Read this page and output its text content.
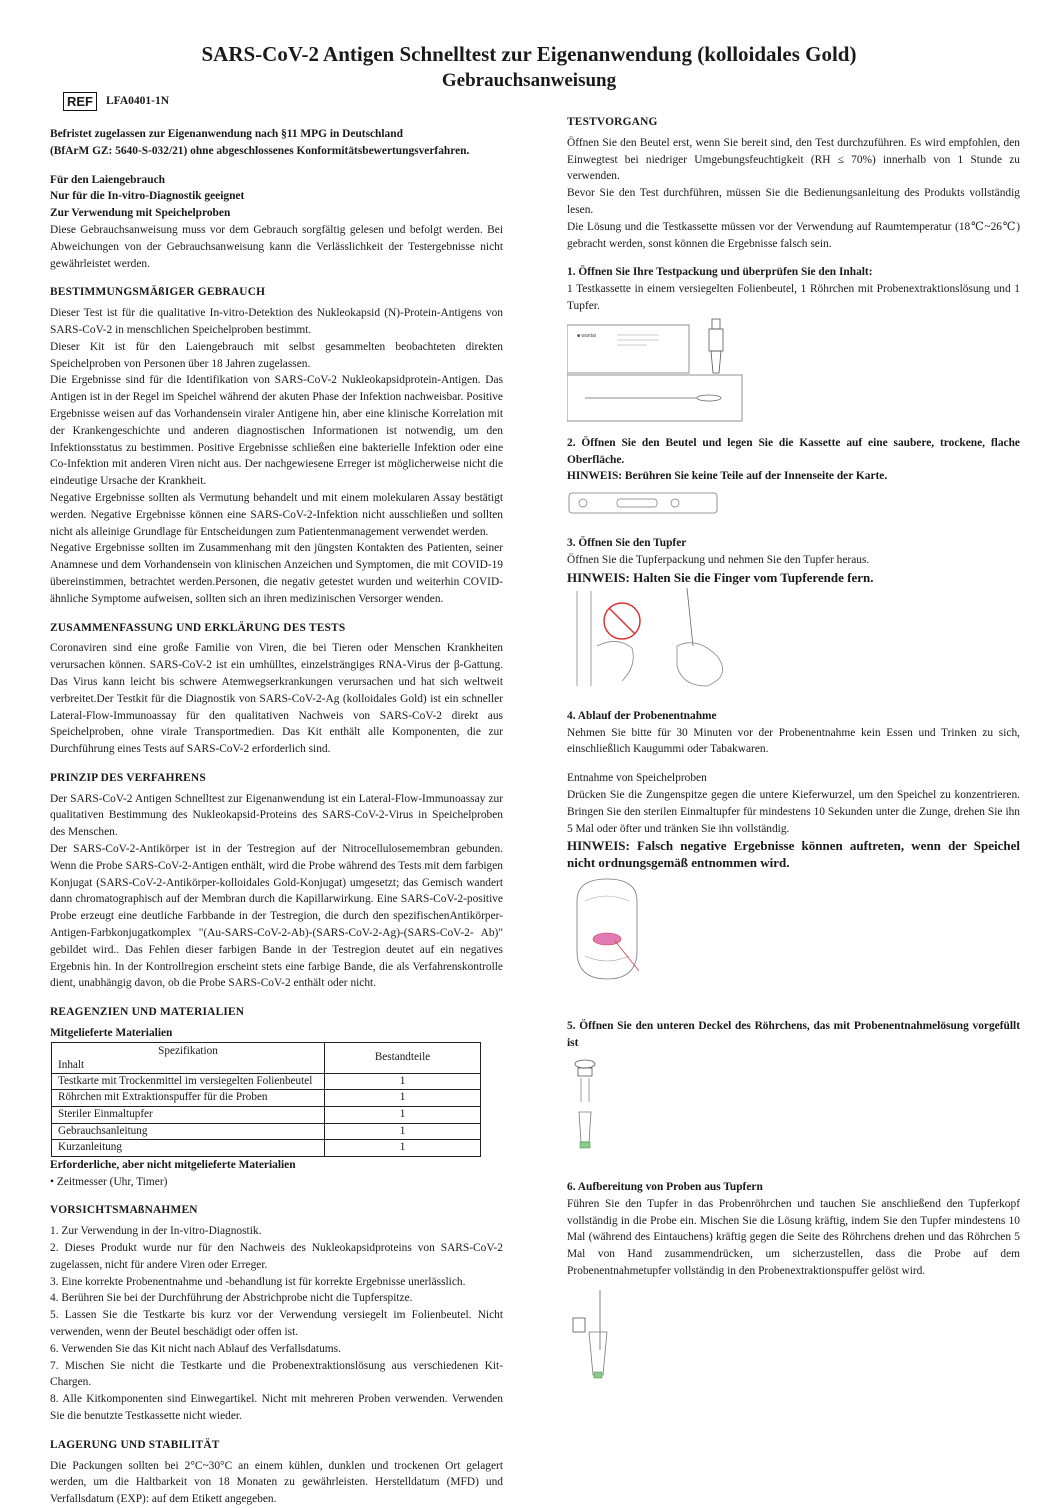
SARS-CoV-2 Antigen Schnelltest zur Eigenanwendung (kolloidales Gold)
Gebrauchsanweisung
REF	LFA0401-1N

Befristet zugelassen zur Eigenanwendung nach §11 MPG in Deutschland

(BfArM GZ: 5640-S-032/21) ohne abgeschlossenes Konformitätsbewertungsverfahren.

Für den Laiengebrauch

Nur für die In-vitro-Diagnostik geeignet

Zur Verwendung mit Speichelproben

Diese Gebrauchsanweisung muss vor dem Gebrauch sorgfältig gelesen und befolgt werden. Bei Abweichungen von der Gebrauchsanweisung kann die Verlässlichkeit der Testergebnisse nicht gewährleistet werden.

BESTIMMUNGSMÄßIGER GEBRAUCH

Dieser Test ist für die qualitative In-vitro-Detektion des Nukleokapsid (N)-Protein-Antigens von SARS-CoV-2 in menschlichen Speichelproben bestimmt.

Dieser Kit ist für den Laiengebrauch mit selbst gesammelten beobachteten direkten Speichelproben von Personen über 18 Jahren zugelassen.

Die Ergebnisse sind für die Identifikation von SARS-CoV-2 Nukleokapsidprotein-Antigen. Das Antigen ist in der Regel im Speichel während der akuten Phase der Infektion nachweisbar. Positive Ergebnisse weisen auf das Vorhandensein viraler Antigene hin, aber eine klinische Korrelation mit der Krankengeschichte und anderen diagnostischen Informationen ist notwendig, um den Infektionsstatus zu bestimmen. Positive Ergebnisse schließen eine bakterielle Infektion oder eine Co-Infektion mit anderen Viren nicht aus. Der nachgewiesene Erreger ist möglicherweise nicht die eindeutige Ursache der Krankheit.

Negative Ergebnisse sollten als Vermutung behandelt und mit einem molekularen Assay bestätigt werden. Negative Ergebnisse können eine SARS-CoV-2-Infektion nicht ausschließen und sollten nicht als alleinige Grundlage für Entscheidungen zum Patientenmanagement verwendet werden.

Negative Ergebnisse sollten im Zusammenhang mit den jüngsten Kontakten des Patienten, seiner Anamnese und dem Vorhandensein von klinischen Anzeichen und Symptomen, die mit COVID-19 übereinstimmen, betrachtet werden.Personen, die negativ getestet wurden und weiterhin COVID-ähnliche Symptome aufweisen, sollten sich an ihren medizinischen Versorger wenden.

ZUSAMMENFASSUNG UND ERKLÄRUNG DES TESTS

Coronaviren sind eine große Familie von Viren, die bei Tieren oder Menschen Krankheiten verursachen können. SARS-CoV-2 ist ein umhülltes, einzelsträngiges RNA-Virus der β-Gattung. Das Virus kann leicht bis schwere Atemwegserkrankungen verursachen und hat sich weltweit verbreitet.Der Testkit für die Diagnostik von SARS-CoV-2-Ag (kolloidales Gold) ist ein schneller Lateral-Flow-Immunoassay für den qualitativen Nachweis von SARS-CoV-2 direkt aus Speichelproben, ohne virale Transportmedien. Das Kit enthält alle Komponenten, die zur Durchführung eines Tests auf SARS-CoV-2 erforderlich sind.

PRINZIP DES VERFAHRENS

Der SARS-CoV-2 Antigen Schnelltest zur Eigenanwendung ist ein Lateral-Flow-Immunoassay zur qualitativen Bestimmung des Nukleokapsid-Proteins des SARS-CoV-2-Virus in Speichelproben des Menschen.

Der SARS-CoV-2-Antikörper ist in der Testregion auf der Nitrocellulosemembran gebunden. Wenn die Probe SARS-CoV-2-Antigen enthält, wird die Probe während des Tests mit dem farbigen Konjugat (SARS-CoV-2-Antikörper-kolloidales Gold-Konjugat) umgesetzt; das Gemisch wandert dann chromatographisch auf der Membran durch die Kapillarwirkung. Eine SARS-CoV-2-positive Probe erzeugt eine deutliche Farbbande in der Testregion, die durch den spezifischenAntikörper-Antigen-Farbkonjugatkomplex "(Au-SARS-CoV-2-Ab)-(SARS-CoV-2-Ag)-(SARS-CoV-2- Ab)" gebildet wird.. Das Fehlen dieser farbigen Bande in der Testregion deutet auf ein negatives Ergebnis hin. In der Kontrollregion erscheint stets eine farbige Bande, die als Verfahrenskontrolle dient, unabhängig davon, ob die Probe SARS-CoV-2 enthält oder nicht.

REAGENZIEN UND MATERIALIEN

Mitgelieferte Materialien

Spezifikation
Inhalt	Bestandteile
Testkarte mit Trockenmittel im versiegelten Folienbeutel	1
Röhrchen mit Extraktionspuffer für die Proben	1
Steriler Einmaltupfer	1
Gebrauchsanleitung	1
Kurzanleitung	1

Erforderliche, aber nicht mitgelieferte Materialien

• Zeitmesser (Uhr, Timer)

VORSICHTSMAßNAHMEN

1. Zur Verwendung in der In-vitro-Diagnostik.

2. Dieses Produkt wurde nur für den Nachweis des Nukleokapsidproteins von SARS-CoV-2 zugelassen, nicht für andere Viren oder Erreger.

3. Eine korrekte Probenentnahme und -behandlung ist für korrekte Ergebnisse unerlässlich.

4. Berühren Sie bei der Durchführung der Abstrichprobe nicht die Tupferspitze.

5. Lassen Sie die Testkarte bis kurz vor der Verwendung versiegelt im Folienbeutel. Nicht verwenden, wenn der Beutel beschädigt oder offen ist.

6. Verwenden Sie das Kit nicht nach Ablauf des Verfallsdatums.

7. Mischen Sie nicht die Testkarte und die Probenextraktionslösung aus verschiedenen Kit-Chargen.

8. Alle Kitkomponenten sind Einwegartikel. Nicht mit mehreren Proben verwenden. Verwenden Sie die benutzte Testkassette nicht wieder.

LAGERUNG UND STABILITÄT

Die Packungen sollten bei 2°C~30°C an einem kühlen, dunklen und trockenen Ort gelagert werden, um die Haltbarkeit von 18 Monaten zu gewährleisten. Herstelldatum (MFD) und Verfallsdatum (EXP): auf dem Etikett angegeben.

TESTVORGANG

Öffnen Sie den Beutel erst, wenn Sie bereit sind, den Test durchzuführen. Es wird empfohlen, den Einwegtest bei niedriger Umgebungsfeuchtigkeit (RH ≤ 70%) innerhalb von 1 Stunde zu verwenden.

Bevor Sie den Test durchführen, müssen Sie die Bedienungsanleitung des Produkts vollständig lesen.

Die Lösung und die Testkassette müssen vor der Verwendung auf Raumtemperatur (18℃~26℃) gebracht werden, sonst können die Ergebnisse falsch sein.

1. Öffnen Sie Ihre Testpackung und überprüfen Sie den Inhalt:

1 Testkassette in einem versiegelten Folienbeutel, 1 Röhrchen mit Probenextraktionslösung und 1 Tupfer.

■ wantai

2. Öffnen Sie den Beutel und legen Sie die Kassette auf eine saubere, trockene, flache Oberfläche.

HINWEIS: Berühren Sie keine Teile auf der Innenseite der Karte.

3. Öffnen Sie den Tupfer

Öffnen Sie die Tupferpackung und nehmen Sie den Tupfer heraus.

HINWEIS: Halten Sie die Finger vom Tupferende fern.

4. Ablauf der Probenentnahme

Nehmen Sie bitte für 30 Minuten vor der Probenentnahme kein Essen und Trinken zu sich, einschließlich Kaugummi oder Tabakwaren.

Entnahme von Speichelproben

Drücken Sie die Zungenspitze gegen die untere Kieferwurzel, um den Speichel zu konzentrieren. Bringen Sie den sterilen Einmaltupfer für mindestens 10 Sekunden unter die Zunge, drehen Sie ihn 5 Mal oder öfter und tränken Sie ihn vollständig.

HINWEIS: Falsch negative Ergebnisse können auftreten, wenn der Speichel nicht ordnungsgemäß entnommen wird.

5. Öffnen Sie den unteren Deckel des Röhrchens, das mit Probenentnahmelösung vorgefüllt ist

6. Aufbereitung von Proben aus Tupfern

Führen Sie den Tupfer in das Probenröhrchen und tauchen Sie anschließend den Tupferkopf vollständig in die Probe ein. Mischen Sie die Lösung kräftig, indem Sie den Tupfer mindestens 10 Mal (während des Eintauchens) kräftig gegen die Seite des Röhrchens drehen und das Röhrchen 5 Mal von Hand zusammendrücken, um sicherzustellen, dass die Probe auf dem Probenentnahmetupfer vollständig in den Probenextraktionspuffer gelöst wird.
